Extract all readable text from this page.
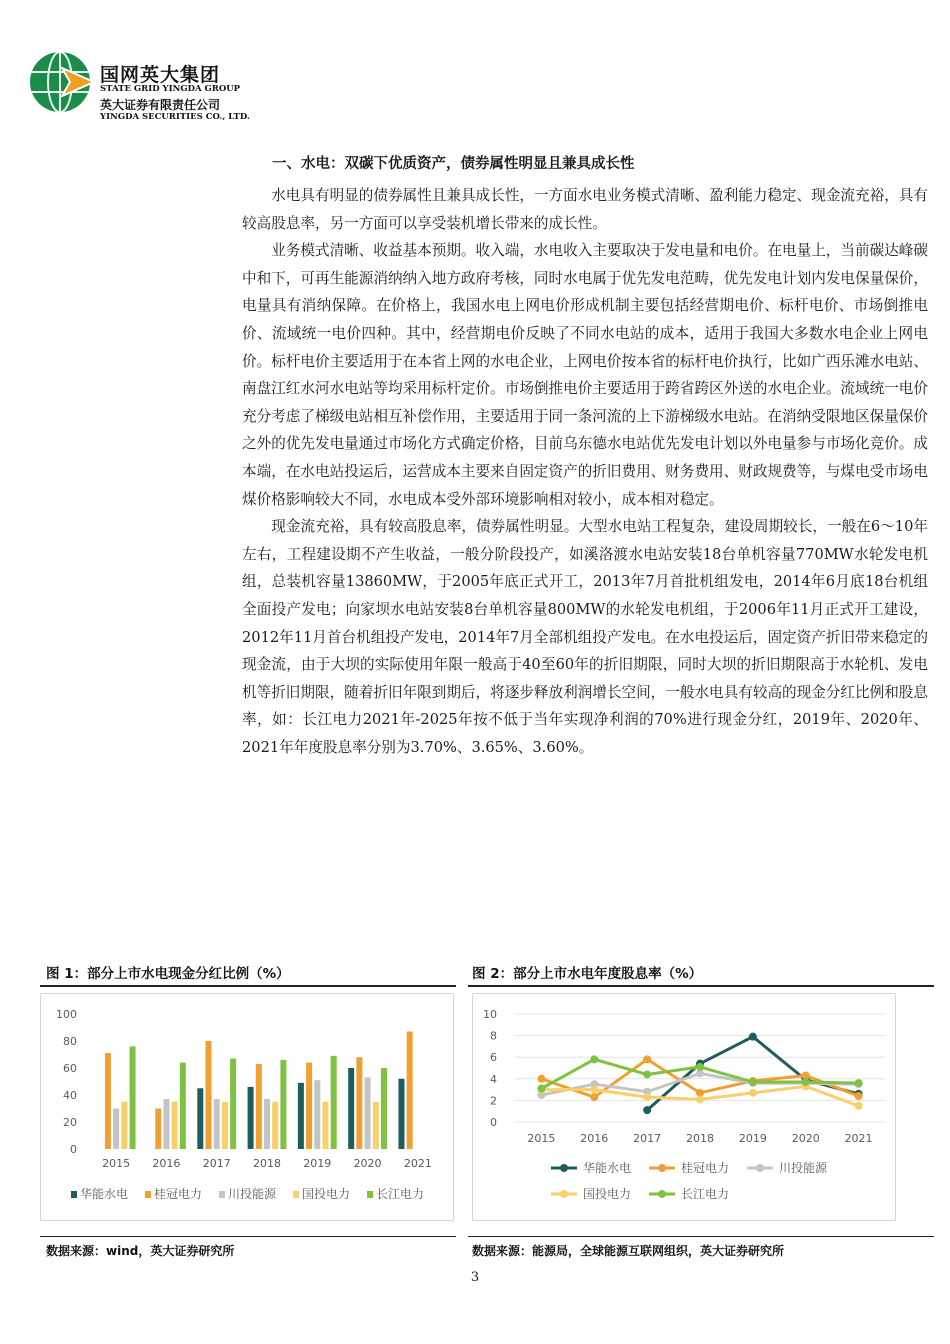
国网英大集团
STATE GRID YINGDA GROUP
英大证券有限责任公司
YINGDA SECURITIES CO., LTD.
一、水电：双碳下优质资产，债券属性明显且兼具成长性

水电具有明显的债券属性且兼具成长性，一方面水电业务模式清晰、盈利能力稳定、现金流充裕，具有较高股息率，另一方面可以享受装机增长带来的成长性。

业务模式清晰、收益基本预期。收入端，水电收入主要取决于发电量和电价。在电量上，当前碳达峰碳中和下，可再生能源消纳纳入地方政府考核，同时水电属于优先发电范畴，优先发电计划内发电保量保价，电量具有消纳保障。在价格上，我国水电上网电价形成机制主要包括经营期电价、标杆电价、市场倒推电价、流域统一电价四种。其中，经营期电价反映了不同水电站的成本，适用于我国大多数水电企业上网电价。标杆电价主要适用于在本省上网的水电企业，上网电价按本省的标杆电价执行，比如广西乐滩水电站、南盘江红水河水电站等均采用标杆定价。市场倒推电价主要适用于跨省跨区外送的水电企业。流域统一电价充分考虑了梯级电站相互补偿作用，主要适用于同一条河流的上下游梯级水电站。在消纳受限地区保量保价之外的优先发电量通过市场化方式确定价格，目前乌东德水电站优先发电计划以外电量参与市场化竞价。成本端，在水电站投运后，运营成本主要来自固定资产的折旧费用、财务费用、财政规费等，与煤电受市场电煤价格影响较大不同，水电成本受外部环境影响相对较小，成本相对稳定。

现金流充裕，具有较高股息率，债券属性明显。大型水电站工程复杂，建设周期较长，一般在6～10年左右，工程建设期不产生收益，一般分阶段投产，如溪洛渡水电站安装18台单机容量770MW水轮发电机组，总装机容量13860MW，于2005年底正式开工，2013年7月首批机组发电，2014年6月底18台机组全面投产发电；向家坝水电站安装8台单机容量800MW的水轮发电机组，于2006年11月正式开工建设，2012年11月首台机组投产发电，2014年7月全部机组投产发电。在水电投运后，固定资产折旧带来稳定的现金流，由于大坝的实际使用年限一般高于40至60年的折旧期限，同时大坝的折旧期限高于水轮机、发电机等折旧期限，随着折旧年限到期后，将逐步释放利润增长空间，一般水电具有较高的现金分红比例和股息率，如：长江电力2021年-2025年按不低于当年实现净利润的70%进行现金分红，2019年、2020年、2021年年度股息率分别为3.70%、3.65%、3.60%。

图 1：部分上市水电现金分红比例（%）
0
20
40
60
80
100
2015 2016 2017 2018 2019 2020 2021
华能水电 桂冠电力 川投能源 国投电力 长江电力
数据来源：wind，英大证券研究所
图 2：部分上市水电年度股息率（%）
0
2
4
6
8
10
2015 2016 2017 2018 2019 2020 2021
华能水电	桂冠电力	川投能源
国投电力	长江电力
数据来源：能源局，全球能源互联网组织，英大证券研究所
3
